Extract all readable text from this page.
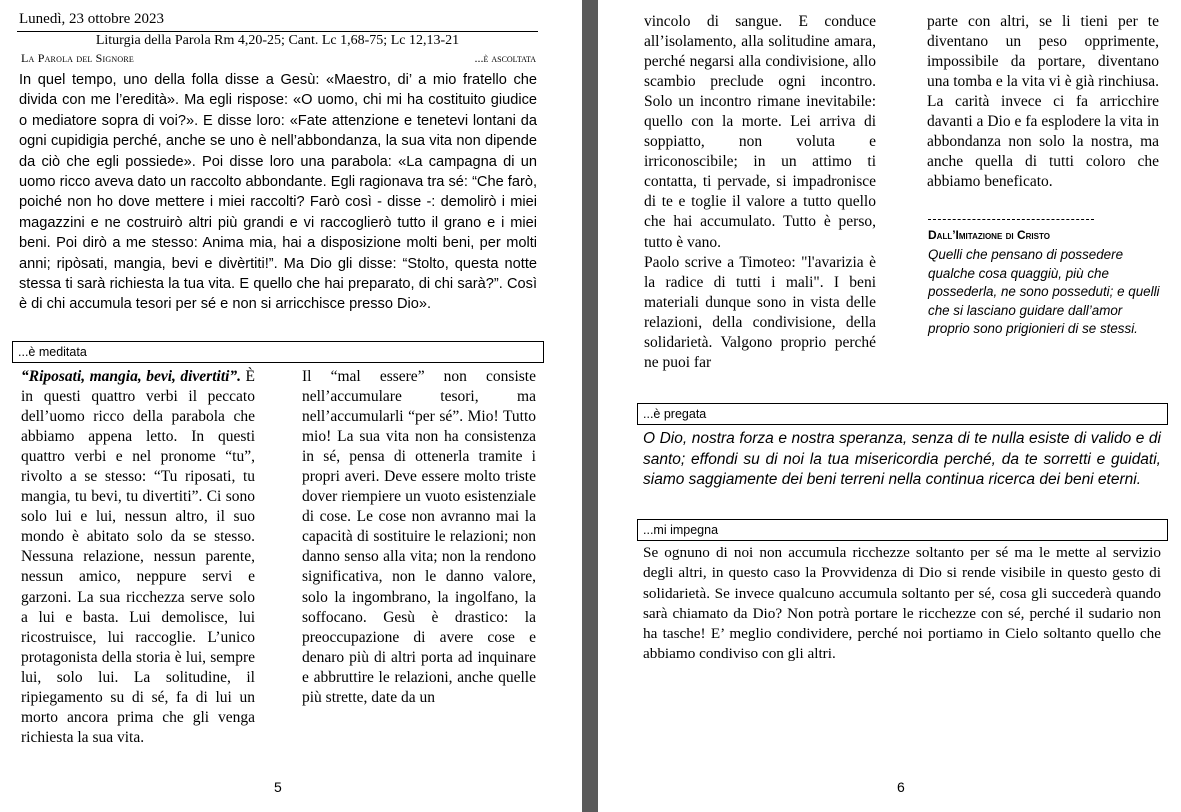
Lunedì, 23 ottobre 2023
Liturgia della Parola Rm 4,20-25; Cant. Lc 1,68-75; Lc 12,13-21
La Parola del Signore	...è ascoltata
In quel tempo, uno della folla disse a Gesù: «Maestro, di’ a mio fratello che divida con me l’eredità». Ma egli rispose: «O uomo, chi mi ha costituito giudice o mediatore sopra di voi?». E disse loro: «Fate attenzione e tenetevi lontani da ogni cupidigia perché, anche se uno è nell’abbondanza, la sua vita non dipende da ciò che egli possiede». Poi disse loro una parabola: «La campagna di un uomo ricco aveva dato un raccolto abbondante. Egli ragionava tra sé: “Che farò, poiché non ho dove mettere i miei raccolti? Farò così - disse -: demolirò i miei magazzini e ne costruirò altri più grandi e vi raccoglierò tutto il grano e i miei beni. Poi dirò a me stesso: Anima mia, hai a disposizione molti beni, per molti anni; ripòsati, mangia, bevi e divèrtiti!”. Ma Dio gli disse: “Stolto, questa notte stessa ti sarà richiesta la tua vita. E quello che hai preparato, di chi sarà?”. Così è di chi accumula tesori per sé e non si arricchisce presso Dio».
...è meditata

“Riposati, mangia, bevi, divertiti”. È in questi quattro verbi il peccato dell’uomo ricco della parabola che abbiamo appena letto. In questi quattro verbi e nel pronome “tu”, rivolto a se stesso: “Tu riposati, tu mangia, tu bevi, tu divertiti”. Ci sono solo lui e lui, nessun altro, il suo mondo è abitato solo da se stesso. Nessuna relazione, nessun parente, nessun amico, neppure servi e garzoni. La sua ricchezza serve solo a lui e basta. Lui demolisce, lui ricostruisce, lui raccoglie. L’unico protagonista della storia è lui, sempre lui, solo lui. La solitudine, il ripiegamento su di sé, fa di lui un morto ancora prima che gli venga richiesta la sua vita.

Il “mal essere” non consiste nell’accumulare tesori, ma nell’accumularli “per sé”. Mio! Tutto mio! La sua vita non ha consistenza in sé, pensa di ottenerla tramite i propri averi. Deve essere molto triste dover riempiere un vuoto esistenziale di cose. Le cose non avranno mai la capacità di sostituire le relazioni; non danno senso alla vita; non la rendono significativa, non le danno valore, solo la ingombrano, la ingolfano, la soffocano. Gesù è drastico: la preoccupazione di avere cose e denaro più di altri porta ad inquinare e abbruttire le relazioni, anche quelle più strette, date da un

5

vincolo di sangue. E conduce all’isolamento, alla solitudine amara, perché negarsi alla condivisione, allo scambio preclude ogni incontro. Solo un incontro rimane inevitabile: quello con la morte. Lei arriva di soppiatto, non voluta e irriconoscibile; in un attimo ti contatta, ti pervade, si impadronisce di te e toglie il valore a tutto quello che hai accumulato. Tutto è perso, tutto è vano.

Paolo scrive a Timoteo: "l'avarizia è la radice di tutti i mali". I beni materiali dunque sono in vista delle relazioni, della condivisione, della solidarietà. Valgono proprio perché ne puoi far

parte con altri, se li tieni per te diventano un peso opprimente, impossibile da portare, diventano una tomba e la vita vi è già rinchiusa. La carità invece ci fa arricchire davanti a Dio e fa esplodere la vita in abbondanza non solo la nostra, ma anche quella di tutti coloro che abbiamo beneficato.

Dall’Imitazione di Cristo
Quelli che pensano di possedere qualche cosa quaggiù, più che possederla, ne sono posseduti; e quelli che si lasciano guidare dall’amor proprio sono prigionieri di se stessi.
...è pregata
O Dio, nostra forza e nostra speranza, senza di te nulla esiste di valido e di santo; effondi su di noi la tua misericordia perché, da te sorretti e guidati, siamo saggiamente dei beni terreni nella continua ricerca dei beni eterni.
...mi impegna
Se ognuno di noi non accumula ricchezze soltanto per sé ma le mette al servizio degli altri, in questo caso la Provvidenza di Dio si rende visibile in questo gesto di solidarietà. Se invece qualcuno accumula soltanto per sé, cosa gli succederà quando sarà chiamato da Dio? Non potrà portare le ricchezze con sé, perché il sudario non ha tasche! E’ meglio condividere, perché noi portiamo in Cielo soltanto quello che abbiamo condiviso con gli altri.
6
